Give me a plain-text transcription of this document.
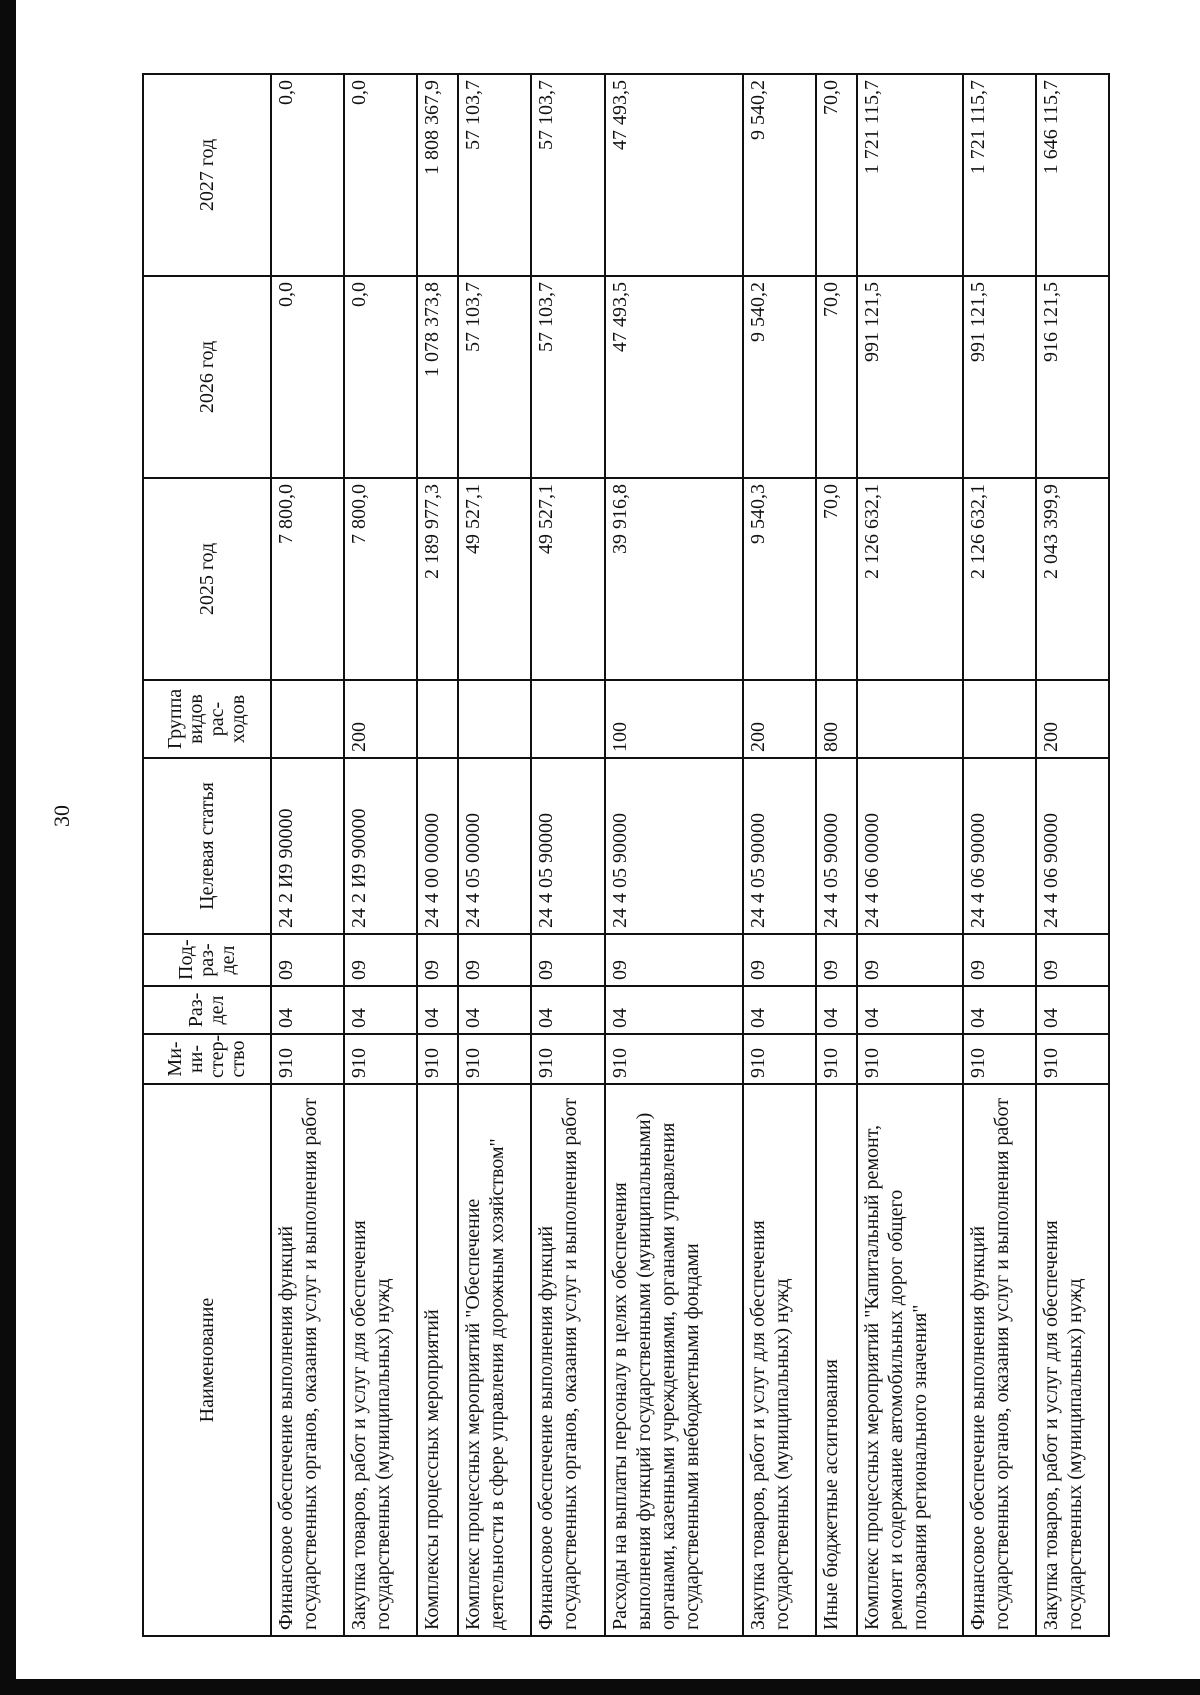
30
Наименование	Ми-
ни-
стер-
ство	Раз-
дел	Под-
раз-
дел	Целевая статья	Группа
видов
рас-
ходов	2025 год	2026 год	2027 год
Финансовое обеспечение выполнения функций государственных органов, оказания услуг и выполнения работ	910	04	09	24 2 И9 90000		7 800,0	0,0	0,0
Закупка товаров, работ и услуг для обеспечения государственных (муниципальных) нужд	910	04	09	24 2 И9 90000	200	7 800,0	0,0	0,0
Комплексы процессных мероприятий	910	04	09	24 4 00 00000		2 189 977,3	1 078 373,8	1 808 367,9
Комплекс процессных мероприятий "Обеспечение деятельности в сфере управления дорожным хозяйством"	910	04	09	24 4 05 00000		49 527,1	57 103,7	57 103,7
Финансовое обеспечение выполнения функций государственных органов, оказания услуг и выполнения работ	910	04	09	24 4 05 90000		49 527,1	57 103,7	57 103,7
Расходы на выплаты персоналу в целях обеспечения выполнения функций государственными (муниципальными) органами, казенными учреждениями, органами управления государственными внебюджетными фондами	910	04	09	24 4 05 90000	100	39 916,8	47 493,5	47 493,5
Закупка товаров, работ и услуг для обеспечения государственных (муниципальных) нужд	910	04	09	24 4 05 90000	200	9 540,3	9 540,2	9 540,2
Иные бюджетные ассигнования	910	04	09	24 4 05 90000	800	70,0	70,0	70,0
Комплекс процессных мероприятий "Капитальный ремонт, ремонт и содержание автомобильных дорог общего пользования регионального значения"	910	04	09	24 4 06 00000		2 126 632,1	991 121,5	1 721 115,7
Финансовое обеспечение выполнения функций государственных органов, оказания услуг и выполнения работ	910	04	09	24 4 06 90000		2 126 632,1	991 121,5	1 721 115,7
Закупка товаров, работ и услуг для обеспечения государственных (муниципальных) нужд	910	04	09	24 4 06 90000	200	2 043 399,9	916 121,5	1 646 115,7
